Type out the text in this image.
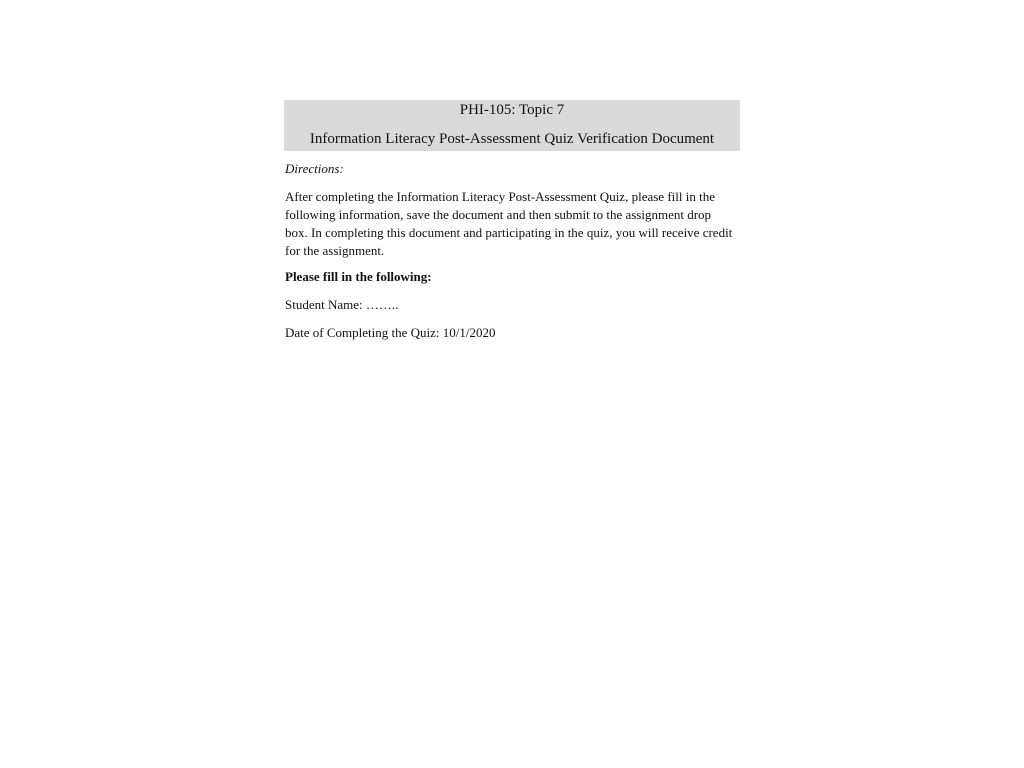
PHI-105: Topic 7
Information Literacy Post-Assessment Quiz Verification Document
Directions:
After completing the Information Literacy Post-Assessment Quiz, please fill in the following information, save the document and then submit to the assignment drop box. In completing this document and participating in the quiz, you will receive credit for the assignment.
Please fill in the following:
Student Name: ……..
Date of Completing the Quiz: 10/1/2020
